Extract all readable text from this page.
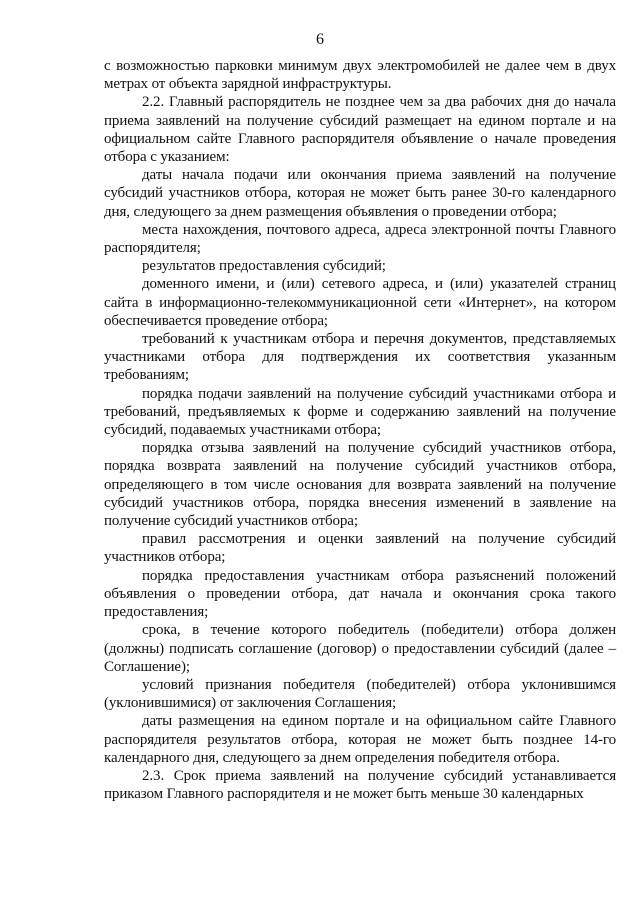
6

с возможностью парковки минимум двух электромобилей не далее чем в двух метрах от объекта зарядной инфраструктуры.

2.2. Главный распорядитель не позднее чем за два рабочих дня до начала приема заявлений на получение субсидий размещает на едином портале и на официальном сайте Главного распорядителя объявление о начале проведения отбора с указанием:

даты начала подачи или окончания приема заявлений на получение субсидий участников отбора, которая не может быть ранее 30-го календарного дня, следующего за днем размещения объявления о проведении отбора;

места нахождения, почтового адреса, адреса электронной почты Главного распорядителя;

результатов предоставления субсидий;

доменного имени, и (или) сетевого адреса, и (или) указателей страниц сайта в информационно-телекоммуникационной сети «Интернет», на котором обеспечивается проведение отбора;

требований к участникам отбора и перечня документов, представляемых участниками отбора для подтверждения их соответствия указанным требованиям;

порядка подачи заявлений на получение субсидий участниками отбора и требований, предъявляемых к форме и содержанию заявлений на получение субсидий, подаваемых участниками отбора;

порядка отзыва заявлений на получение субсидий участников отбора, порядка возврата заявлений на получение субсидий участников отбора, определяющего в том числе основания для возврата заявлений на получение субсидий участников отбора, порядка внесения изменений в заявление на получение субсидий участников отбора;

правил рассмотрения и оценки заявлений на получение субсидий участников отбора;

порядка предоставления участникам отбора разъяснений положений объявления о проведении отбора, дат начала и окончания срока такого предоставления;

срока, в течение которого победитель (победители) отбора должен (должны) подписать соглашение (договор) о предоставлении субсидий (далее – Соглашение);

условий признания победителя (победителей) отбора уклонившимся (уклонившимися) от заключения Соглашения;

даты размещения на едином портале и на официальном сайте Главного распорядителя результатов отбора, которая не может быть позднее 14-го календарного дня, следующего за днем определения победителя отбора.

2.3. Срок приема заявлений на получение субсидий устанавливается приказом Главного распорядителя и не может быть меньше 30 календарных
